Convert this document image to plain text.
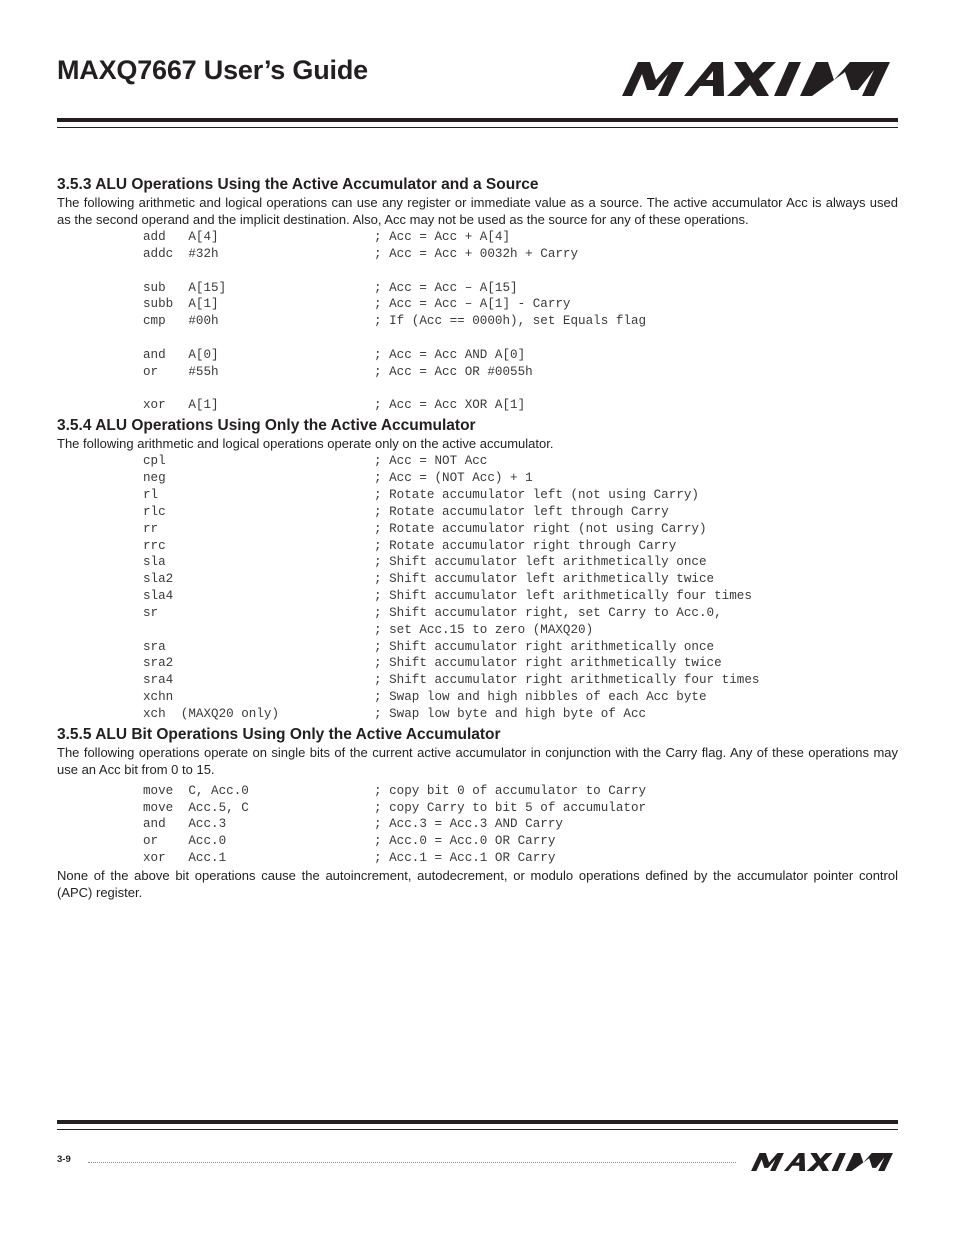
MAXQ7667 User’s Guide
3.5.3 ALU Operations Using the Active Accumulator and a Source

The following arithmetic and logical operations can use any register or immediate value as a source. The active accumulator Acc is always used as the second operand and the implicit destination. Also, Acc may not be used as the source for any of these operations.

add   A[4]	; Acc = Acc + A[4]
addc  #32h	; Acc = Acc + 0032h + Carry
sub   A[15]	; Acc = Acc – A[15]
subb  A[1]	; Acc = Acc – A[1] - Carry
cmp   #00h	; If (Acc == 0000h), set Equals flag
and   A[0]	; Acc = Acc AND A[0]
or    #55h	; Acc = Acc OR #0055h
xor   A[1]	; Acc = Acc XOR A[1]
3.5.4 ALU Operations Using Only the Active Accumulator

The following arithmetic and logical operations operate only on the active accumulator.

cpl	; Acc = NOT Acc
neg	; Acc = (NOT Acc) + 1
rl	; Rotate accumulator left (not using Carry)
rlc	; Rotate accumulator left through Carry
rr	; Rotate accumulator right (not using Carry)
rrc	; Rotate accumulator right through Carry
sla	; Shift accumulator left arithmetically once
sla2	; Shift accumulator left arithmetically twice
sla4	; Shift accumulator left arithmetically four times
sr	; Shift accumulator right, set Carry to Acc.0,
; set Acc.15 to zero (MAXQ20)
sra	; Shift accumulator right arithmetically once
sra2	; Shift accumulator right arithmetically twice
sra4	; Shift accumulator right arithmetically four times
xchn	; Swap low and high nibbles of each Acc byte
xch  (MAXQ20 only)	; Swap low byte and high byte of Acc
3.5.5 ALU Bit Operations Using Only the Active Accumulator

The following operations operate on single bits of the current active accumulator in conjunction with the Carry flag. Any of these operations may use an Acc bit from 0 to 15.

move  C, Acc.0	; copy bit 0 of accumulator to Carry
move  Acc.5, C	; copy Carry to bit 5 of accumulator
and   Acc.3	; Acc.3 = Acc.3 AND Carry
or    Acc.0	; Acc.0 = Acc.0 OR Carry
xor   Acc.1	; Acc.1 = Acc.1 OR Carry

None of the above bit operations cause the autoincrement, autodecrement, or modulo operations defined by the accumulator pointer control (APC) register.

3-9
